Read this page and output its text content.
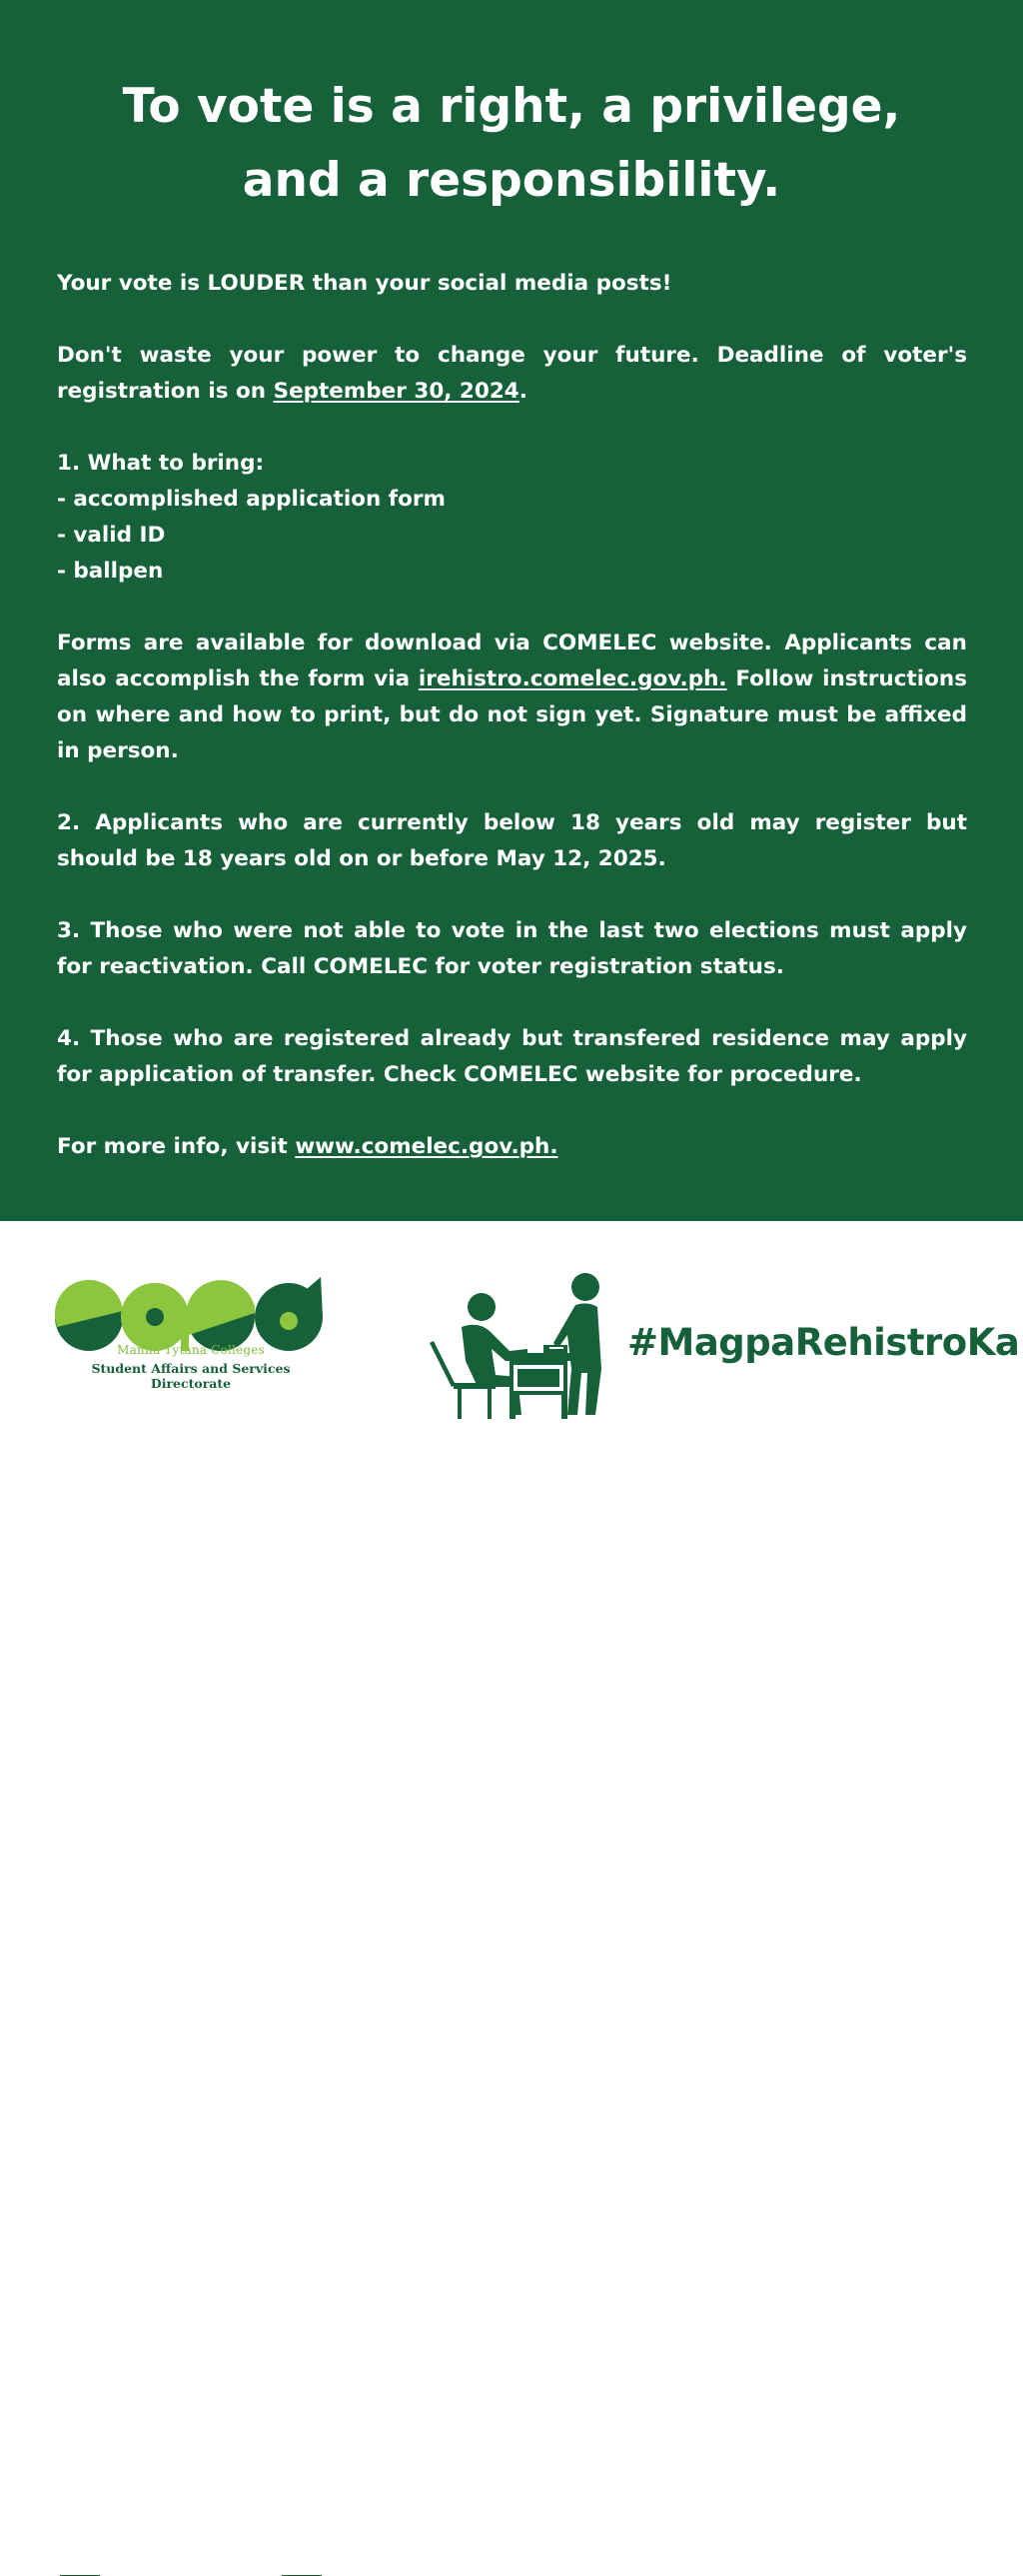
To vote is a right, a privilege,
and a responsibility.

Your vote is LOUDER than your social media posts!

Don't waste your power to change your future. Deadline of voter's registration is on September 30, 2024.

1. What to bring:
- accomplished application form
- valid ID
- ballpen

Forms are available for download via COMELEC website. Applicants can also accomplish the form via irehistro.comelec.gov.ph. Follow instructions on where and how to print, but do not sign yet. Signature must be affixed in person.

2. Applicants who are currently below 18 years old may register but should be 18 years old on or before May 12, 2025.

3. Those who were not able to vote in the last two elections must apply for reactivation. Call COMELEC for voter registration status.

4. Those who are registered already but transfered residence may apply for application of transfer. Check COMELEC website for procedure.

For more info, visit www.comelec.gov.ph.

Manila Tytana Colleges
Student Affairs and Services Directorate
#MagpaRehistroKa
